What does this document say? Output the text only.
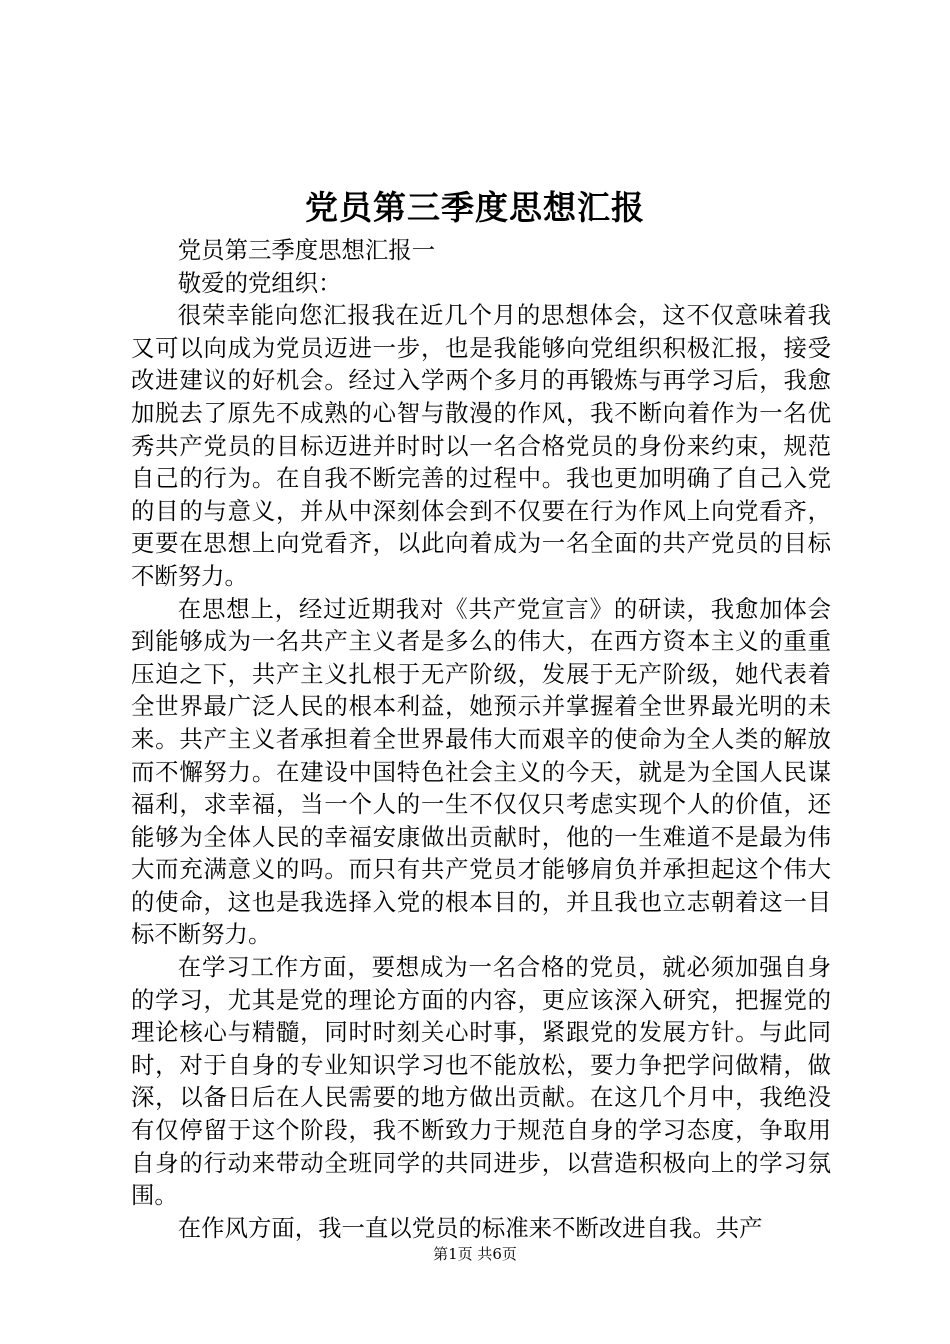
党员第三季度思想汇报

党员第三季度思想汇报一

敬爱的党组织：

很荣幸能向您汇报我在近几个月的思想体会，这不仅意味着我又可以向成为党员迈进一步，也是我能够向党组织积极汇报，接受改进建议的好机会。经过入学两个多月的再锻炼与再学习后，我愈加脱去了原先不成熟的心智与散漫的作风，我不断向着作为一名优秀共产党员的目标迈进并时时以一名合格党员的身份来约束，规范自己的行为。在自我不断完善的过程中。我也更加明确了自己入党的目的与意义，并从中深刻体会到不仅要在行为作风上向党看齐，更要在思想上向党看齐，以此向着成为一名全面的共产党员的目标不断努力。

在思想上，经过近期我对《共产党宣言》的研读，我愈加体会到能够成为一名共产主义者是多么的伟大，在西方资本主义的重重压迫之下，共产主义扎根于无产阶级，发展于无产阶级，她代表着全世界最广泛人民的根本利益，她预示并掌握着全世界最光明的未来。共产主义者承担着全世界最伟大而艰辛的使命为全人类的解放而不懈努力。在建设中国特色社会主义的今天，就是为全国人民谋福利，求幸福，当一个人的一生不仅仅只考虑实现个人的价值，还能够为全体人民的幸福安康做出贡献时，他的一生难道不是最为伟大而充满意义的吗。而只有共产党员才能够肩负并承担起这个伟大的使命，这也是我选择入党的根本目的，并且我也立志朝着这一目标不断努力。

在学习工作方面，要想成为一名合格的党员，就必须加强自身的学习，尤其是党的理论方面的内容，更应该深入研究，把握党的理论核心与精髓，同时时刻关心时事，紧跟党的发展方针。与此同时，对于自身的专业知识学习也不能放松，要力争把学问做精，做深，以备日后在人民需要的地方做出贡献。在这几个月中，我绝没有仅停留于这个阶段，我不断致力于规范自身的学习态度，争取用自身的行动来带动全班同学的共同进步，以营造积极向上的学习氛围。

在作风方面，我一直以党员的标准来不断改进自我。共产

第1页 共6页
